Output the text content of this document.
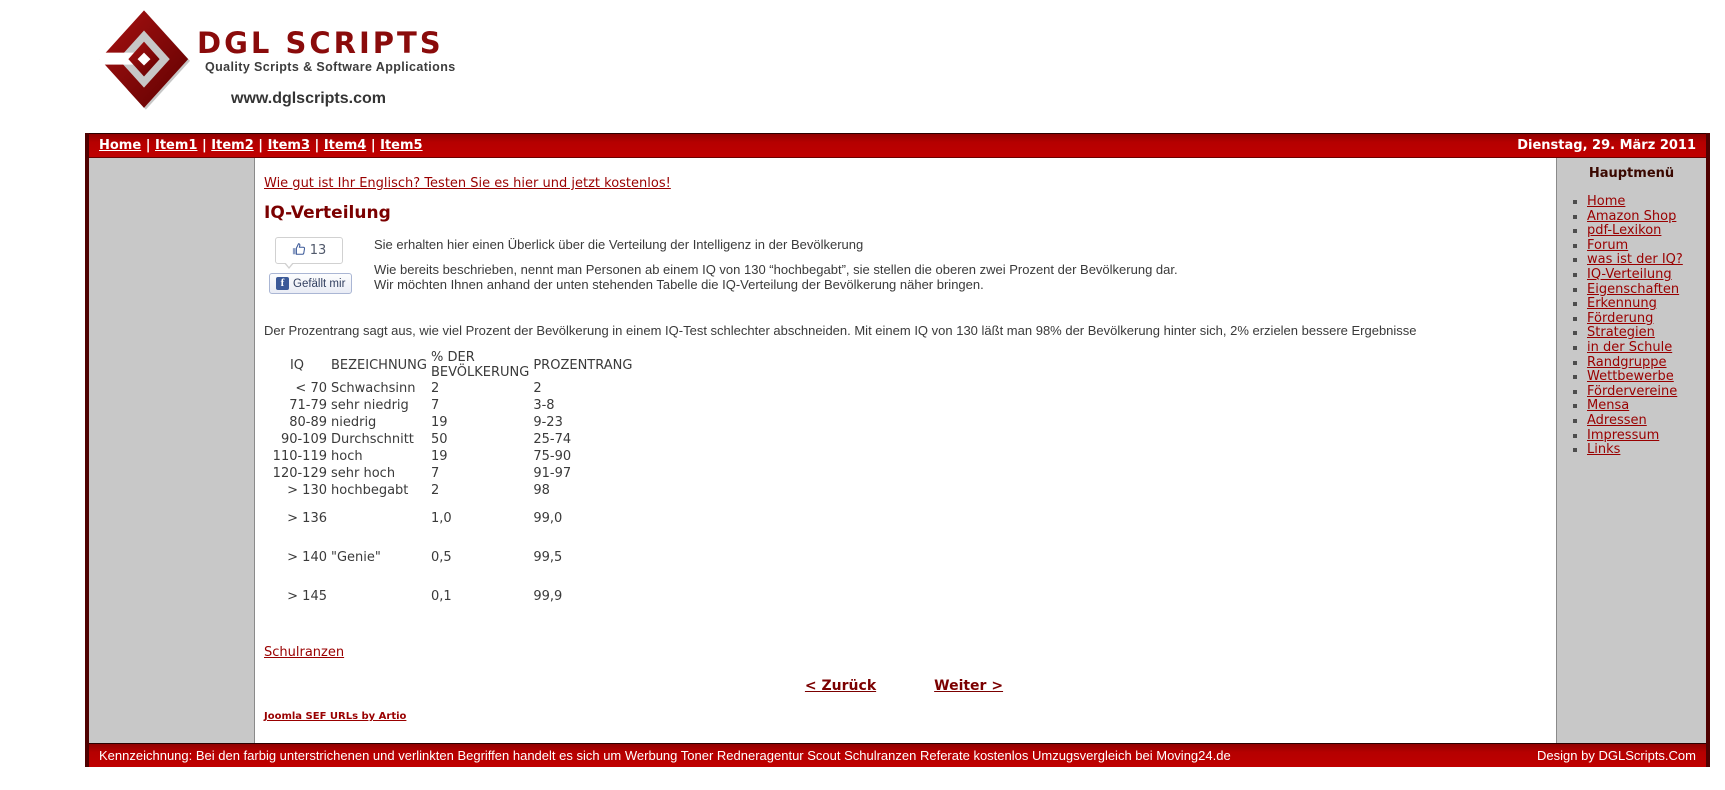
DGL SCRIPTS
Quality Scripts & Software Applications
www.dglscripts.com
Home | Item1 | Item2 | Item3 | Item4 | Item5	Dienstag, 29. März 2011
Wie gut ist Ihr Englisch? Testen Sie es hier und jetzt kostenlos!
IQ-Verteilung
13
f Gefällt mir

Sie erhalten hier einen Überlick über die Verteilung der Intelligenz in der Bevölkerung

Wie bereits beschrieben, nennt man Personen ab einem IQ von 130 “hochbegabt”, sie stellen die oberen zwei Prozent der Bevölkerung dar.

Wir möchten Ihnen anhand der unten stehenden Tabelle die IQ-Verteilung der Bevölkerung näher bringen.

Der Prozentrang sagt aus, wie viel Prozent der Bevölkerung in einem IQ-Test schlechter abschneiden. Mit einem IQ von 130 läßt man 98% der Bevölkerung hinter sich, 2% erzielen bessere Ergebnisse

IQ	BEZEICHNUNG	% DER BEVÖLKERUNG	PROZENTRANG
< 70	Schwachsinn	2	2
71-79	sehr niedrig	7	3-8
80-89	niedrig	19	9-23
90-109	Durchschnitt	50	25-74
110-119	hoch	19	75-90
120-129	sehr hoch	7	91-97
> 130	hochbegabt	2	98

> 136		1,0	99,0

> 140	"Genie"	0,5	99,5

> 145		0,1	99,9
Schulranzen
< Zurück	Weiter >
Joomla SEF URLs by Artio
Hauptmenü
▪ Home
▪ Amazon Shop
▪ pdf-Lexikon
▪ Forum
▪ was ist der IQ?
▪ IQ-Verteilung
▪ Eigenschaften
▪ Erkennung
▪ Förderung
▪ Strategien
▪ in der Schule
▪ Randgruppe
▪ Wettbewerbe
▪ Fördervereine
▪ Mensa
▪ Adressen
▪ Impressum
▪ Links
Kennzeichnung: Bei den farbig unterstrichenen und verlinkten Begriffen handelt es sich um Werbung Toner Redneragentur Scout Schulranzen Referate kostenlos Umzugsvergleich bei Moving24.de	Design by DGLScripts.Com
